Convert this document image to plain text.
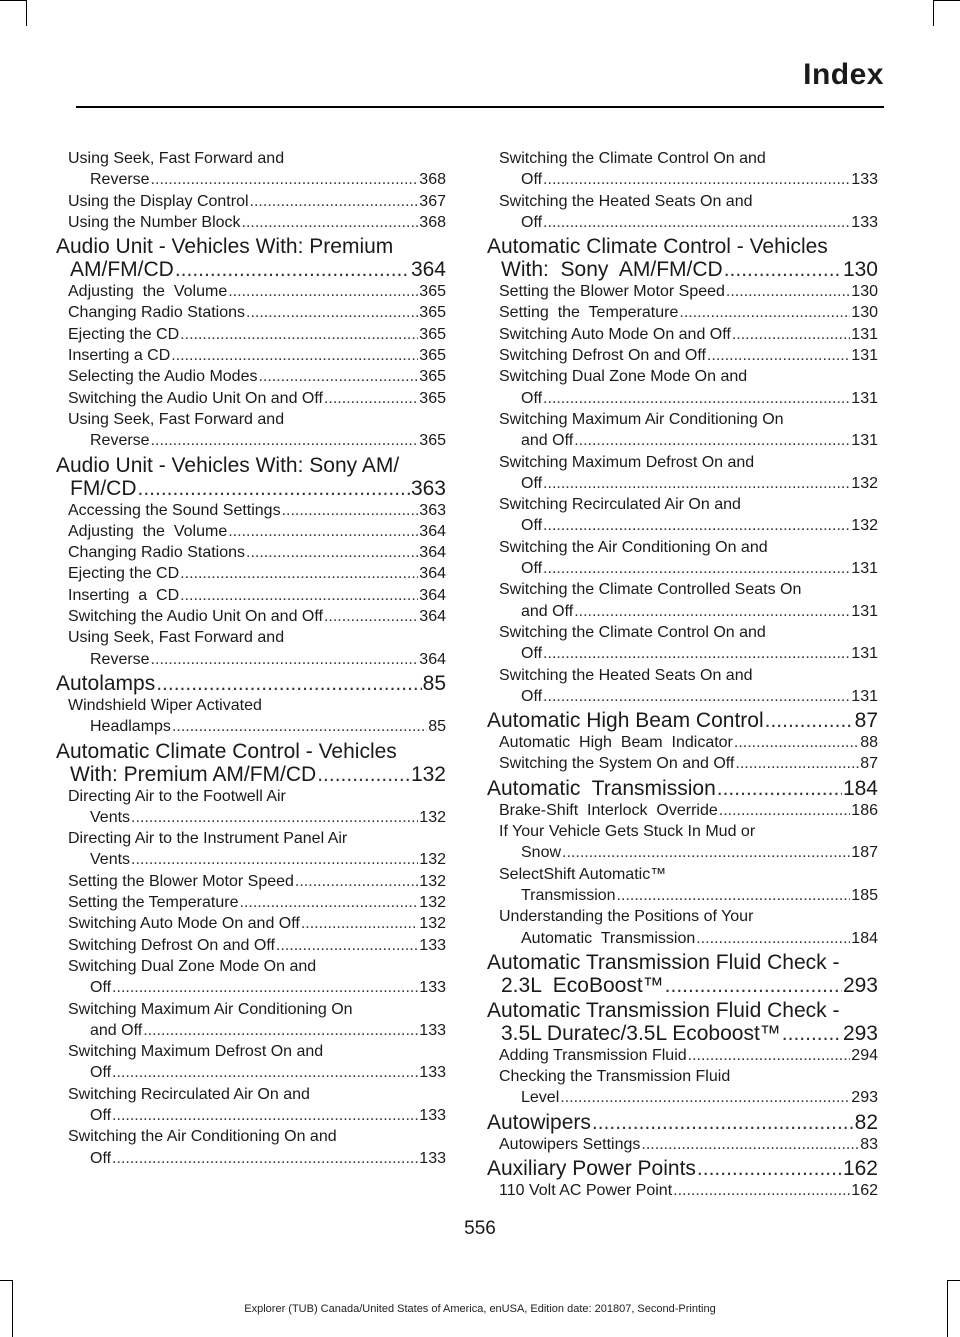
Index
Using Seek, Fast Forward and
Reverse .....	368
Using the Display Control .....	367
Using the Number Block .....	368
Audio Unit - Vehicles With: Premium
AM/FM/CD .....	364
Adjusting  the  Volume .....	365
Changing Radio Stations .....	365
Ejecting the CD .....	365
Inserting a CD .....	365
Selecting the Audio Modes .....	365
Switching the Audio Unit On and Off .....	365
Using Seek, Fast Forward and
Reverse .....	365
Audio Unit - Vehicles With: Sony AM/
FM/CD .....	363
Accessing the Sound Settings .....	363
Adjusting  the  Volume .....	364
Changing Radio Stations .....	364
Ejecting the CD .....	364
Inserting  a  CD .....	364
Switching the Audio Unit On and Off .....	364
Using Seek, Fast Forward and
Reverse .....	364
Autolamps .....	85
Windshield Wiper Activated
Headlamps .....	85
Automatic Climate Control - Vehicles
With: Premium AM/FM/CD .....	132
Directing Air to the Footwell Air
Vents .....	132
Directing Air to the Instrument Panel Air
Vents .....	132
Setting the Blower Motor Speed .....	132
Setting the Temperature .....	132
Switching Auto Mode On and Off .....	132
Switching Defrost On and Off .....	133
Switching Dual Zone Mode On and
Off .....	133
Switching Maximum Air Conditioning On
and Off .....	133
Switching Maximum Defrost On and
Off .....	133
Switching Recirculated Air On and
Off .....	133
Switching the Air Conditioning On and
Off .....	133
Switching the Climate Control On and
Off .....	133
Switching the Heated Seats On and
Off .....	133
Automatic Climate Control - Vehicles
With:  Sony  AM/FM/CD .....	130
Setting the Blower Motor Speed .....	130
Setting  the  Temperature .....	130
Switching Auto Mode On and Off .....	131
Switching Defrost On and Off .....	131
Switching Dual Zone Mode On and
Off .....	131
Switching Maximum Air Conditioning On
and Off .....	131
Switching Maximum Defrost On and
Off .....	132
Switching Recirculated Air On and
Off .....	132
Switching the Air Conditioning On and
Off .....	131
Switching the Climate Controlled Seats On
and Off .....	131
Switching the Climate Control On and
Off .....	131
Switching the Heated Seats On and
Off .....	131
Automatic High Beam Control .....	87
Automatic  High  Beam  Indicator .....	88
Switching the System On and Off .....	87
Automatic  Transmission .....	184
Brake-Shift  Interlock  Override .....	186
If Your Vehicle Gets Stuck In Mud or
Snow .....	187
SelectShift Automatic™
Transmission .....	185
Understanding the Positions of Your
Automatic  Transmission .....	184
Automatic Transmission Fluid Check -
2.3L  EcoBoost™ .....	293
Automatic Transmission Fluid Check -
3.5L Duratec/3.5L Ecoboost™ .....	293
Adding Transmission Fluid .....	294
Checking the Transmission Fluid
Level .....	293
Autowipers .....	82
Autowipers Settings .....	83
Auxiliary Power Points .....	162
110 Volt AC Power Point .....	162
556
Explorer (TUB) Canada/United States of America, enUSA, Edition date: 201807, Second-Printing
